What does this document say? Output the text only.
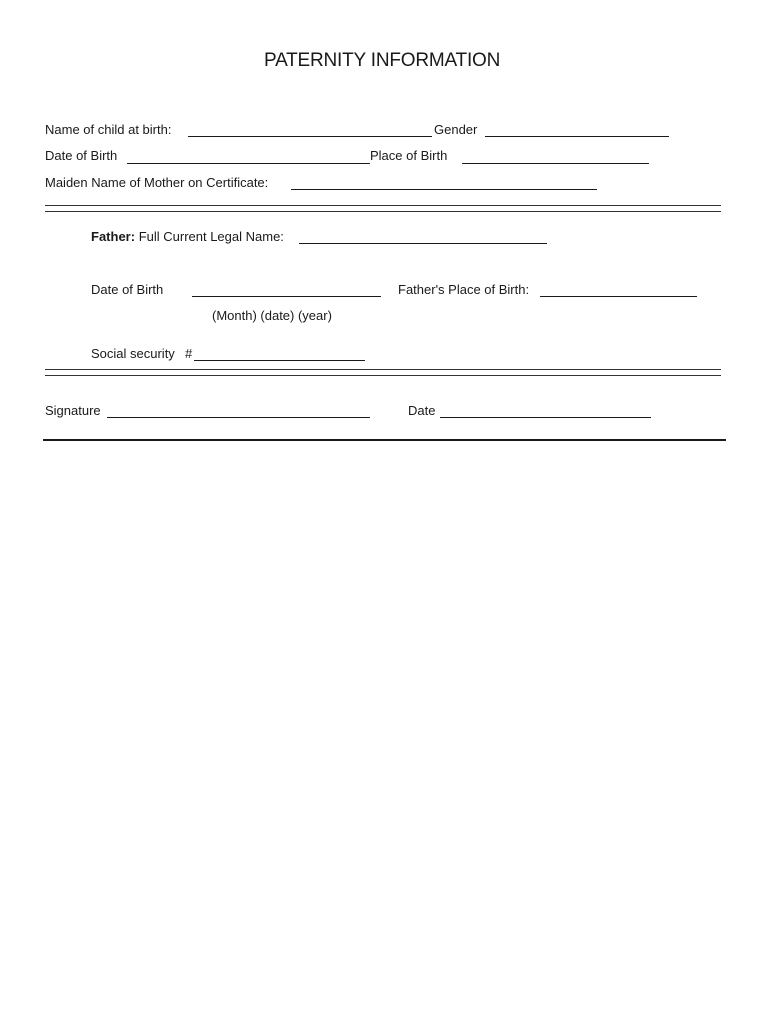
PATERNITY INFORMATION
Name of child at birth:	Gender
Date of Birth	Place of Birth
Maiden Name of Mother on Certificate:
Father: Full Current Legal Name:
Date of Birth	Father's Place of Birth:
(Month) (date) (year)
Social security #
Signature	Date
